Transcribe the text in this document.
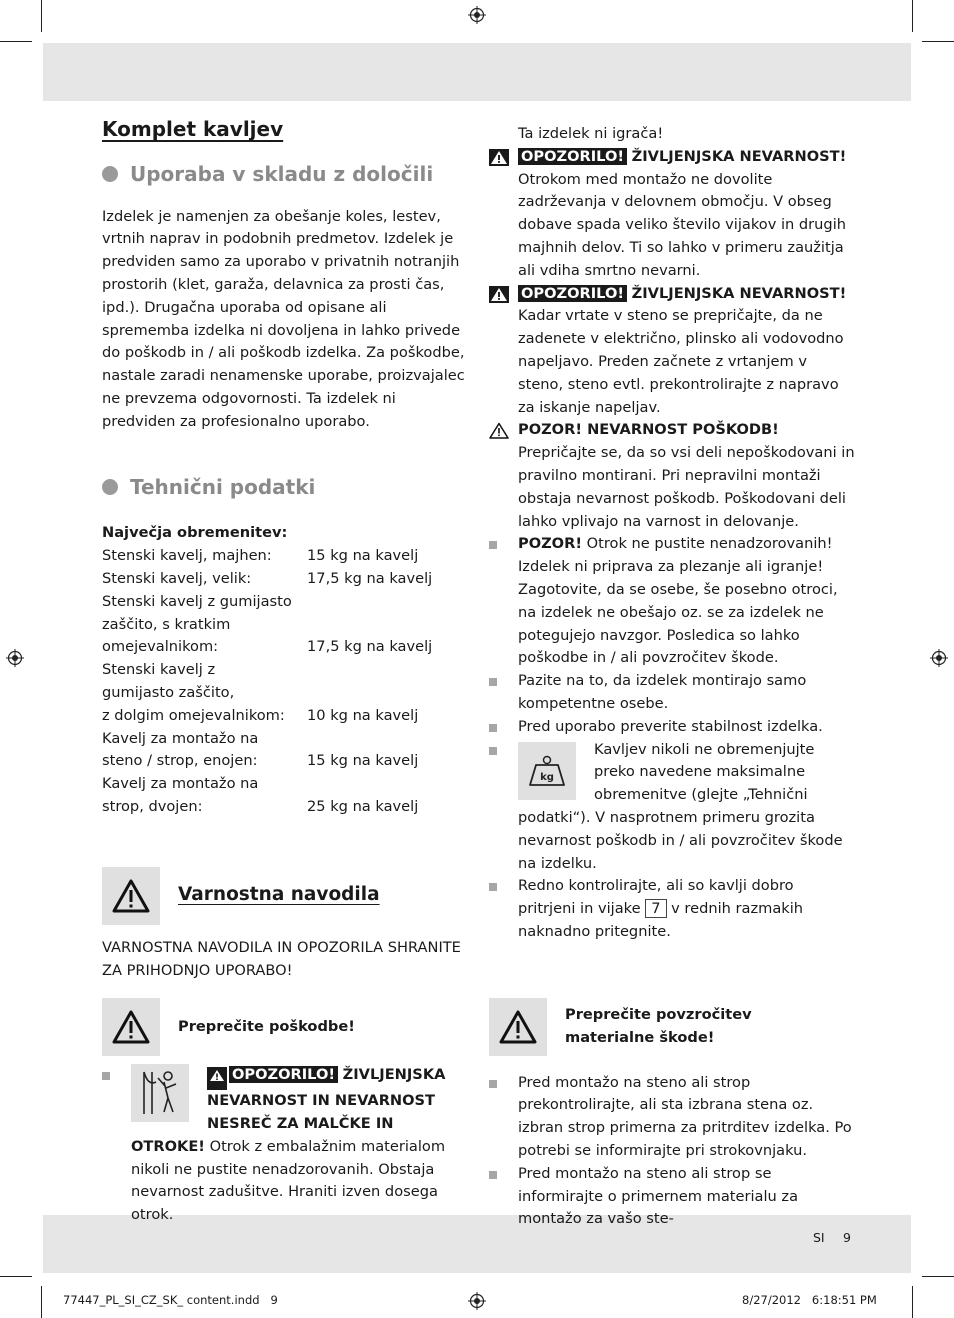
Komplet kavljev
Uporaba v skladu z določili

Izdelek je namenjen za obešanje koles, lestev, vrtnih naprav in podobnih predmetov. Izdelek je predviden samo za uporabo v privatnih notranjih prostorih (klet, garaža, delavnica za prosti čas, ipd.). Drugačna uporaba od opisane ali sprememba izdelka ni dovoljena in lahko privede do poškodb in / ali poškodb izdelka. Za poškodbe, nastale zaradi nenamenske uporabe, proizvajalec ne prevzema odgovornosti. Ta izdelek ni predviden za profesionalno uporabo.

Tehnični podatki

Največja obremenitev:

Stenski kavelj, majhen:	15 kg na kavelj
Stenski kavelj, velik:	17,5 kg na kavelj
Stenski kavelj z gumijasto
zaščito, s kratkim
omejevalnikom:	17,5 kg na kavelj
Stenski kavelj z
gumijasto zaščito,
z dolgim omejevalnikom:	10 kg na kavelj
Kavelj za montažo na
steno / strop, enojen:	15 kg na kavelj
Kavelj za montažo na
strop, dvojen:	25 kg na kavelj
Varnostna navodila

VARNOSTNA NAVODILA IN OPOZORILA SHRANITE ZA PRIHODNJO UPORABO!

Preprečite poškodbe!
OPOZORILO! ŽIVLJENJSKA NEVARNOST IN NEVARNOST NESREČ ZA MALČKE IN OTROKE! Otrok z embalažnim materialom nikoli ne pustite nenadzorovanih. Obstaja nevarnost zadušitve. Hraniti izven dosega otrok.

Ta izdelek ni igrača!

OPOZORILO! ŽIVLJENJSKA NEVARNOST! Otrokom med montažo ne dovolite zadrževanja v delovnem območju. V obseg dobave spada veliko število vijakov in drugih majhnih delov. Ti so lahko v primeru zaužitja ali vdiha smrtno nevarni.
OPOZORILO! ŽIVLJENJSKA NEVARNOST! Kadar vrtate v steno se prepričajte, da ne zadenete v električno, plinsko ali vodovodno napeljavo. Preden začnete z vrtanjem v steno, steno evtl. prekontrolirajte z napravo za iskanje napeljav.
POZOR! NEVARNOST POŠKODB! Prepričajte se, da so vsi deli nepoškodovani in pravilno montirani. Pri nepravilni montaži obstaja nevarnost poškodb. Poškodovani deli lahko vplivajo na varnost in delovanje.
POZOR! Otrok ne pustite nenadzorovanih! Izdelek ni priprava za plezanje ali igranje! Zagotovite, da se osebe, še posebno otroci, na izdelek ne obešajo oz. se za izdelek ne potegujejo navzgor. Posledica so lahko poškodbe in / ali povzročitev škode.
Pazite na to, da izdelek montirajo samo kompetentne osebe.
Pred uporabo preverite stabilnost izdelka.
kg
Kavljev nikoli ne obremenjujte preko navedene maksimalne obremenitve (glejte „Tehnični podatki“). V nasprotnem primeru grozita nevarnost poškodb in / ali povzročitev škode na izdelku.
Redno kontrolirajte, ali so kavlji dobro pritrjeni in vijake 7 v rednih razmakih naknadno pritegnite.
Preprečite povzročitev materialne škode!
Pred montažo na steno ali strop prekontrolirajte, ali sta izbrana stena oz. izbran strop primerna za pritrditev izdelka. Po potrebi se informirajte pri strokovnjaku.
Pred montažo na steno ali strop se informirajte o primernem materialu za montažo za vašo ste-
SI 9
77447_PL_SI_CZ_SK_ content.indd   9	8/27/2012   6:18:51 PM
